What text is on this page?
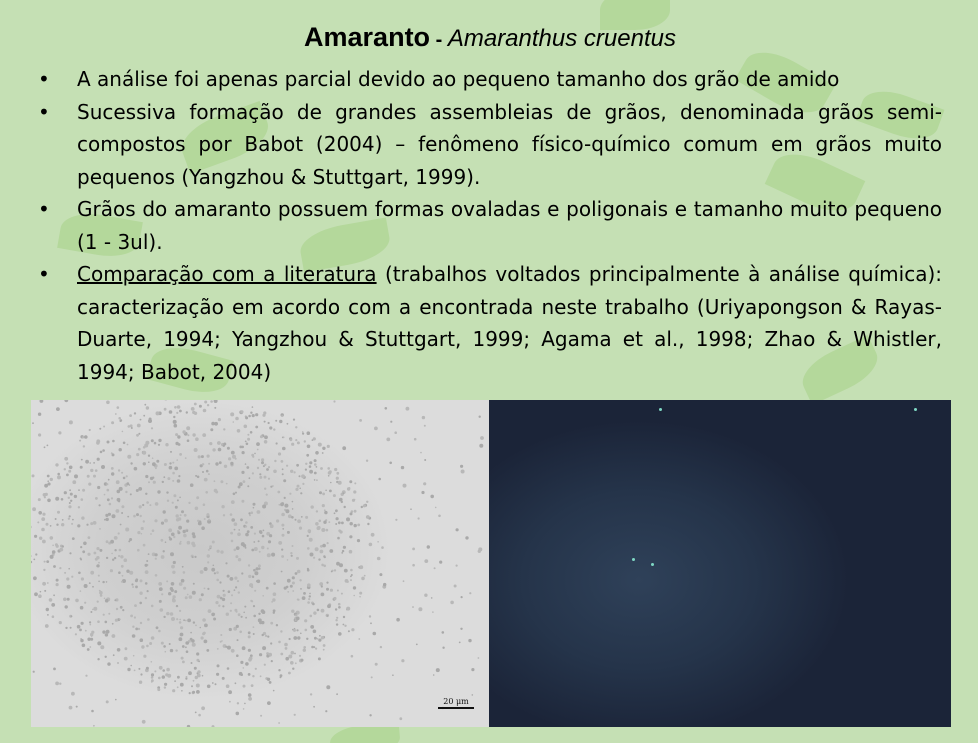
Amaranto - Amaranthus cruentus
•	A análise foi apenas parcial devido ao pequeno tamanho dos grão de amido
•	Sucessiva formação de grandes assembleias de grãos, denominada grãos semi-compostos por Babot (2004) – fenômeno físico-químico comum em grãos muito pequenos (Yangzhou & Stuttgart, 1999).
•	Grãos do amaranto possuem formas ovaladas e poligonais e tamanho muito pequeno (1 - 3ul).
•	Comparação com a literatura (trabalhos voltados principalmente à análise química): caracterização em acordo com a encontrada neste trabalho (Uriyapongson & Rayas-Duarte, 1994; Yangzhou & Stuttgart, 1999; Agama et al., 1998; Zhao & Whistler, 1994; Babot, 2004)
20 μm
